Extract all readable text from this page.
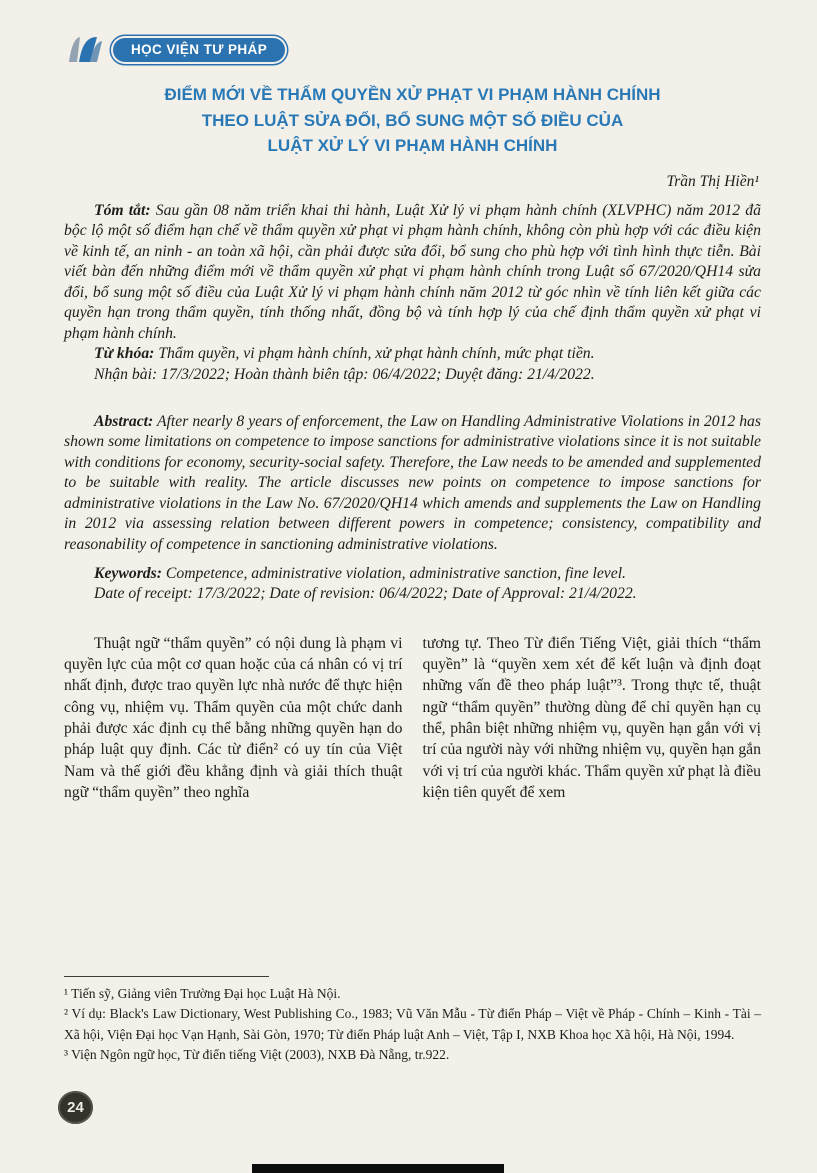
HỌC VIỆN TƯ PHÁP
ĐIỂM MỚI VỀ THẨM QUYỀN XỬ PHẠT VI PHẠM HÀNH CHÍNH
THEO LUẬT SỬA ĐỔI, BỔ SUNG MỘT SỐ ĐIỀU CỦA
LUẬT XỬ LÝ VI PHẠM HÀNH CHÍNH
Trần Thị Hiền¹

Tóm tắt: Sau gần 08 năm triển khai thi hành, Luật Xử lý vi phạm hành chính (XLVPHC) năm 2012 đã bộc lộ một số điểm hạn chế về thẩm quyền xử phạt vi phạm hành chính, không còn phù hợp với các điều kiện về kinh tế, an ninh - an toàn xã hội, cần phải được sửa đổi, bổ sung cho phù hợp với tình hình thực tiễn. Bài viết bàn đến những điểm mới về thẩm quyền xử phạt vi phạm hành chính trong Luật số 67/2020/QH14 sửa đổi, bổ sung một số điều của Luật Xử lý vi phạm hành chính năm 2012 từ góc nhìn về tính liên kết giữa các quyền hạn trong thẩm quyền, tính thống nhất, đồng bộ và tính hợp lý của chế định thẩm quyền xử phạt vi phạm hành chính.

Từ khóa: Thẩm quyền, vi phạm hành chính, xử phạt hành chính, mức phạt tiền.

Nhận bài: 17/3/2022; Hoàn thành biên tập: 06/4/2022; Duyệt đăng: 21/4/2022.

Abstract: After nearly 8 years of enforcement, the Law on Handling Administrative Violations in 2012 has shown some limitations on competence to impose sanctions for administrative violations since it is not suitable with conditions for economy, security-social safety. Therefore, the Law needs to be amended and supplemented to be suitable with reality. The article discusses new points on competence to impose sanctions for administrative violations in the Law No. 67/2020/QH14 which amends and supplements the Law on Handling in 2012 via assessing relation between different powers in competence; consistency, compatibility and reasonability of competence in sanctioning administrative violations.

Keywords: Competence, administrative violation, administrative sanction, fine level.

Date of receipt: 17/3/2022; Date of revision: 06/4/2022; Date of Approval: 21/4/2022.

Thuật ngữ “thẩm quyền” có nội dung là phạm vi quyền lực của một cơ quan hoặc của cá nhân có vị trí nhất định, được trao quyền lực nhà nước để thực hiện công vụ, nhiệm vụ. Thẩm quyền của một chức danh phải được xác định cụ thể bằng những quyền hạn do pháp luật quy định. Các từ điển² có uy tín của Việt Nam và thế giới đều khẳng định và giải thích thuật ngữ “thẩm quyền” theo nghĩa

tương tự. Theo Từ điển Tiếng Việt, giải thích “thẩm quyền” là “quyền xem xét để kết luận và định đoạt những vấn đề theo pháp luật”³. Trong thực tế, thuật ngữ “thẩm quyền” thường dùng để chỉ quyền hạn cụ thể, phân biệt những nhiệm vụ, quyền hạn gắn với vị trí của người này với những nhiệm vụ, quyền hạn gắn với vị trí của người khác. Thẩm quyền xử phạt là điều kiện tiên quyết để xem

¹ Tiến sỹ, Giảng viên Trường Đại học Luật Hà Nội.

² Ví dụ: Black's Law Dictionary, West Publishing Co., 1983; Vũ Văn Mẫu - Từ điển Pháp – Việt về Pháp - Chính – Kinh - Tài – Xã hội, Viện Đại học Vạn Hạnh, Sài Gòn, 1970; Từ điển Pháp luật Anh – Việt, Tập I, NXB Khoa học Xã hội, Hà Nội, 1994.

³ Viện Ngôn ngữ học, Từ điển tiếng Việt (2003), NXB Đà Nẵng, tr.922.

24
